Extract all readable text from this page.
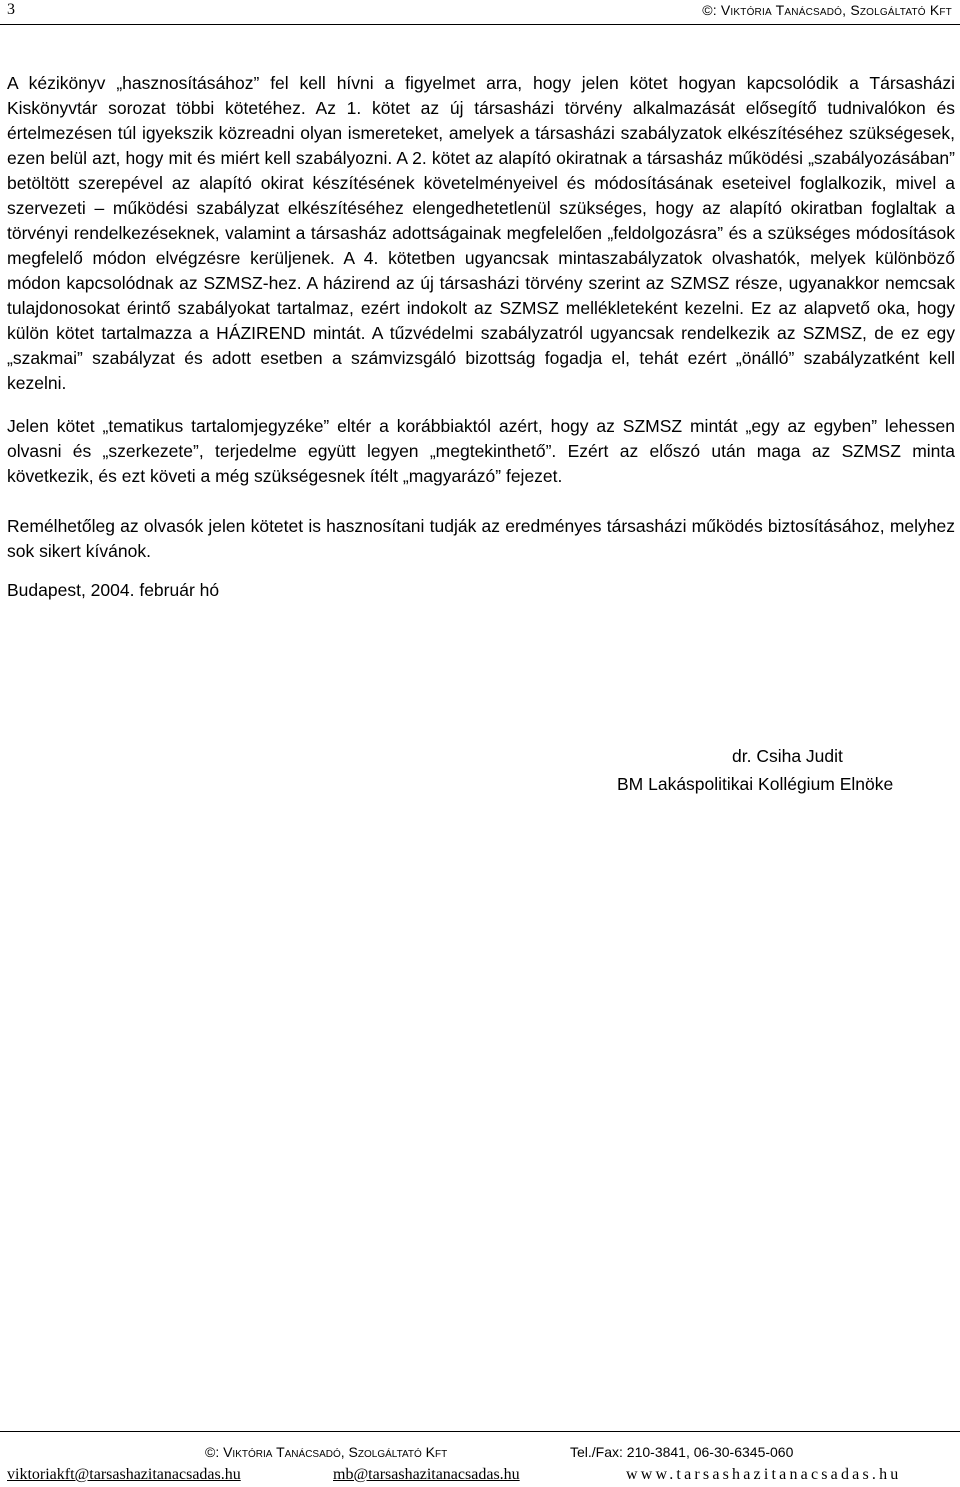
3	©: Viktória Tanácsadó, Szolgáltató Kft

A kézikönyv „hasznosításához” fel kell hívni a figyelmet arra, hogy jelen kötet hogyan kapcsolódik a Társasházi Kiskönyvtár sorozat többi kötetéhez. Az 1. kötet az új társasházi törvény alkalmazását elősegítő tudnivalókon és értelmezésen túl igyekszik közreadni olyan ismereteket, amelyek a társasházi szabályzatok elkészítéséhez szükségesek, ezen belül azt, hogy mit és miért kell szabályozni. A 2. kötet az alapító okiratnak a társasház működési „szabályozásában” betöltött szerepével az alapító okirat készítésének követelményeivel és módosításának eseteivel foglalkozik, mivel a szervezeti – működési szabályzat elkészítéséhez elengedhetetlenül szükséges, hogy az alapító okiratban foglaltak a törvényi rendelkezéseknek, valamint a társasház adottságainak megfelelően „feldolgozásra” és a szükséges módosítások megfelelő módon elvégzésre kerüljenek. A 4. kötetben ugyancsak mintaszabályzatok olvashatók, melyek különböző módon kapcsolódnak az SZMSZ-hez. A házirend az új társasházi törvény szerint az SZMSZ része, ugyanakkor nemcsak tulajdonosokat érintő szabályokat tartalmaz, ezért indokolt az SZMSZ mellékleteként kezelni. Ez az alapvető oka, hogy külön kötet tartalmazza a HÁZIREND mintát. A tűzvédelmi szabályzatról ugyancsak rendelkezik az SZMSZ, de ez egy „szakmai” szabályzat és adott esetben a számvizsgáló bizottság fogadja el, tehát ezért „önálló” szabályzatként kell kezelni.

Jelen kötet „tematikus tartalomjegyzéke” eltér a korábbiaktól azért, hogy az SZMSZ mintát „egy az egyben” lehessen olvasni és „szerkezete”, terjedelme együtt legyen „megtekinthető”. Ezért az előszó után maga az SZMSZ minta következik, és ezt követi a még szükségesnek ítélt „magyarázó” fejezet.

Remélhetőleg az olvasók jelen kötetet is hasznosítani tudják az eredményes társasházi működés biztosításához, melyhez sok sikert kívánok.

Budapest, 2004. február hó

dr. Csiha Judit
BM Lakáspolitikai Kollégium Elnöke
©: Viktória Tanácsadó, Szolgáltató Kft	Tel./Fax: 210-3841, 06-30-6345-060
viktoriakft@tarsashazitanacsadas.hu	mb@tarsashazitanacsadas.hu	www.tarsashazitanacsadas.hu
